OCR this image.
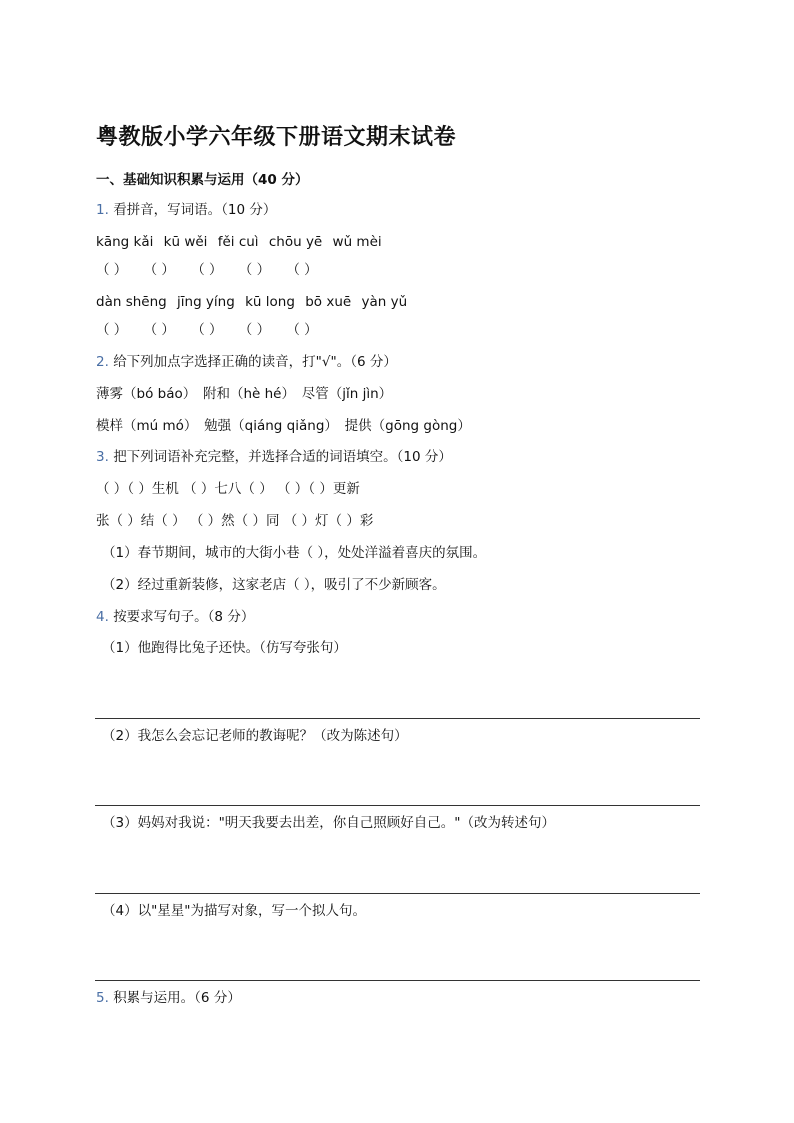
粤教版小学六年级下册语文期末试卷
一、基础知识积累与运用（40 分）
1. 看拼音，写词语。（10 分）
kāng kǎi kū wěi fěi cuì chōu yē wǔ mèi
（ ） （ ） （ ） （ ） （ ）
dàn shēng jīng yíng kū long bō xuē yàn yǔ
（ ） （ ） （ ） （ ） （ ）
2. 给下列加点字选择正确的读音，打"√"。（6 分）
薄雾（bó báo）　附和（hè hé）　尽管（jǐn jìn）
模样（mú mó）　勉强（qiáng qiǎng）　提供（gōng gòng）
3. 把下列词语补充完整，并选择合适的词语填空。（10 分）
（ ）（ ）生机 （ ）七八（ ） （ ）（ ）更新
张（ ）结（ ） （ ）然（ ）同 （ ）灯（ ）彩
（1）春节期间，城市的大街小巷（ ），处处洋溢着喜庆的氛围。
（2）经过重新装修，这家老店（ ），吸引了不少新顾客。
4. 按要求写句子。（8 分）
（1）他跑得比兔子还快。（仿写夸张句）
（2）我怎么会忘记老师的教诲呢？（改为陈述句）
（3）妈妈对我说："明天我要去出差，你自己照顾好自己。"（改为转述句）
（4）以"星星"为描写对象，写一个拟人句。
5. 积累与运用。（6 分）
